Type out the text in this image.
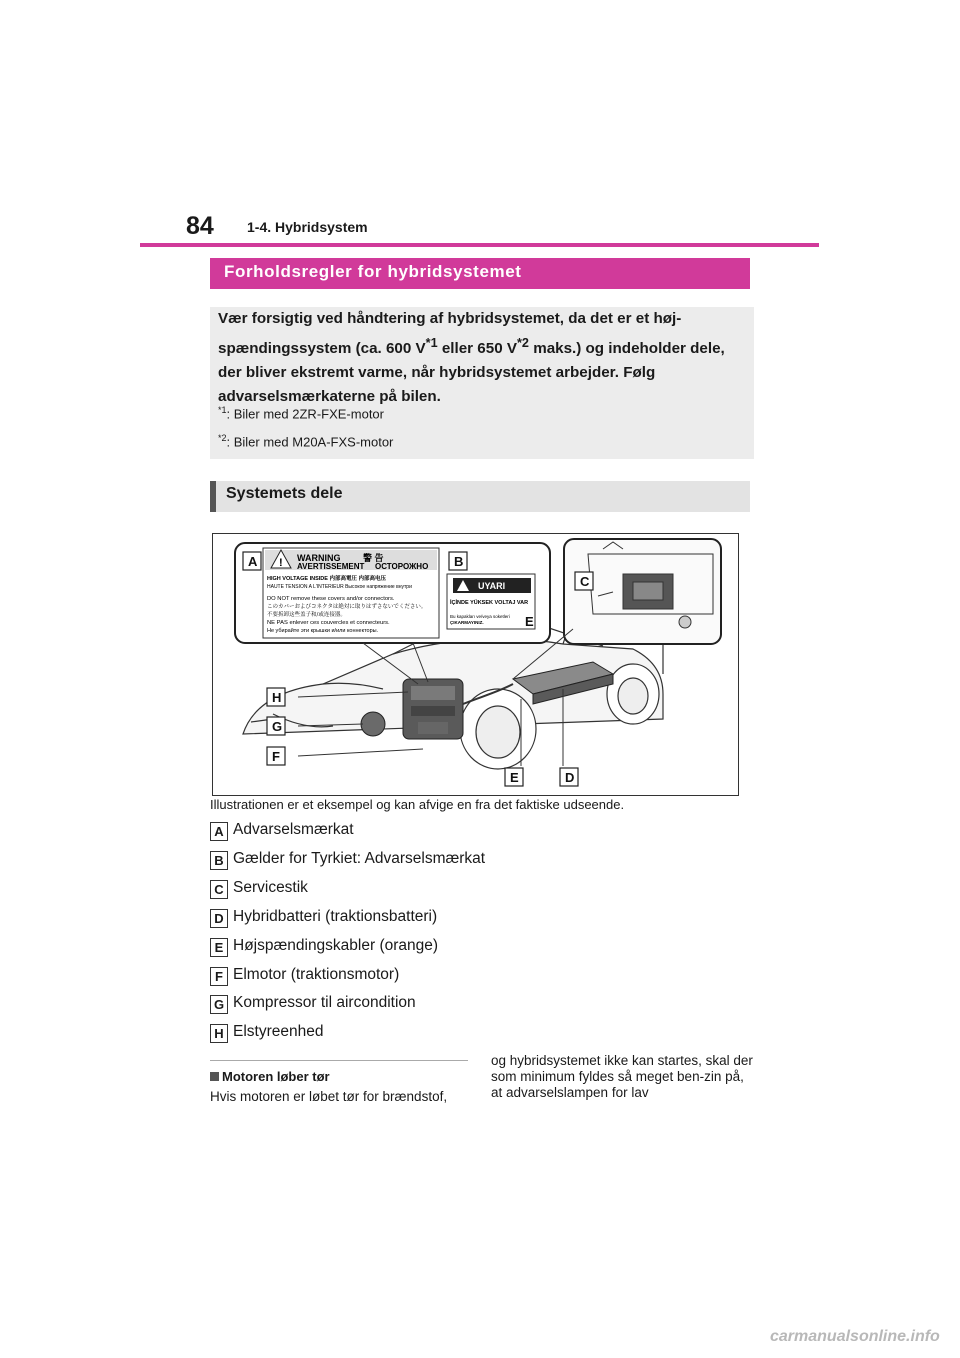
84 1-4. Hybridsystem
Forholdsregler for hybridsystemet
Vær forsigtig ved håndtering af hybridsystemet, da det er et høj-spændingssystem (ca. 600 $V^{*1}$ eller 650 $V^{*2}$ maks.) og indeholder dele, der bliver ekstremt varme, når hybridsystemet arbejder. Følg advarselsmærkaterne på bilen.
$^{*1}$: Biler med 2ZR-FXE-motor
$^{*2}$: Biler med M20A-FXS-motor
Systemets dele
WARNING	警 告
AVERTISSEMENT ОСТОРОЖНО
!
HIGH VOLTAGE INSIDE 内部高電圧 内部高电压
HAUTE TENSION A L'INTERIEUR Высокое напряжение внутри
DO NOT remove these covers and/or connectors.
このカバーおよびコネクタは絶対に取りはずさないでください。
不要拆卸这些盖子和/或连接器。
NE PAS enlever ces couvercles et connecteurs.
Не убирайте эти крышки и/или коннекторы.
UYARI
İÇİNDE YÜKSEK VOLTAJ VAR
Bu kapakları ve/veya soketleri
ÇIKARMAYINIZ.
A	B
C
D
E
F
G
H
E
Illustrationen er et eksempel og kan afvige en fra det faktiske udseende.
A Advarselsmærkat
B Gælder for Tyrkiet: Advarselsmærkat
C Servicestik
D Hybridbatteri (traktionsbatteri)
E Højspændingskabler (orange)
F Elmotor (traktionsmotor)
G Kompressor til aircondition
H Elstyreenhed
Motoren løber tør
Hvis motoren er løbet tør for brændstof,
og hybridsystemet ikke kan startes, skal der som minimum fyldes så meget ben-zin på, at advarselslampen for lav
carmanualsonline.info
